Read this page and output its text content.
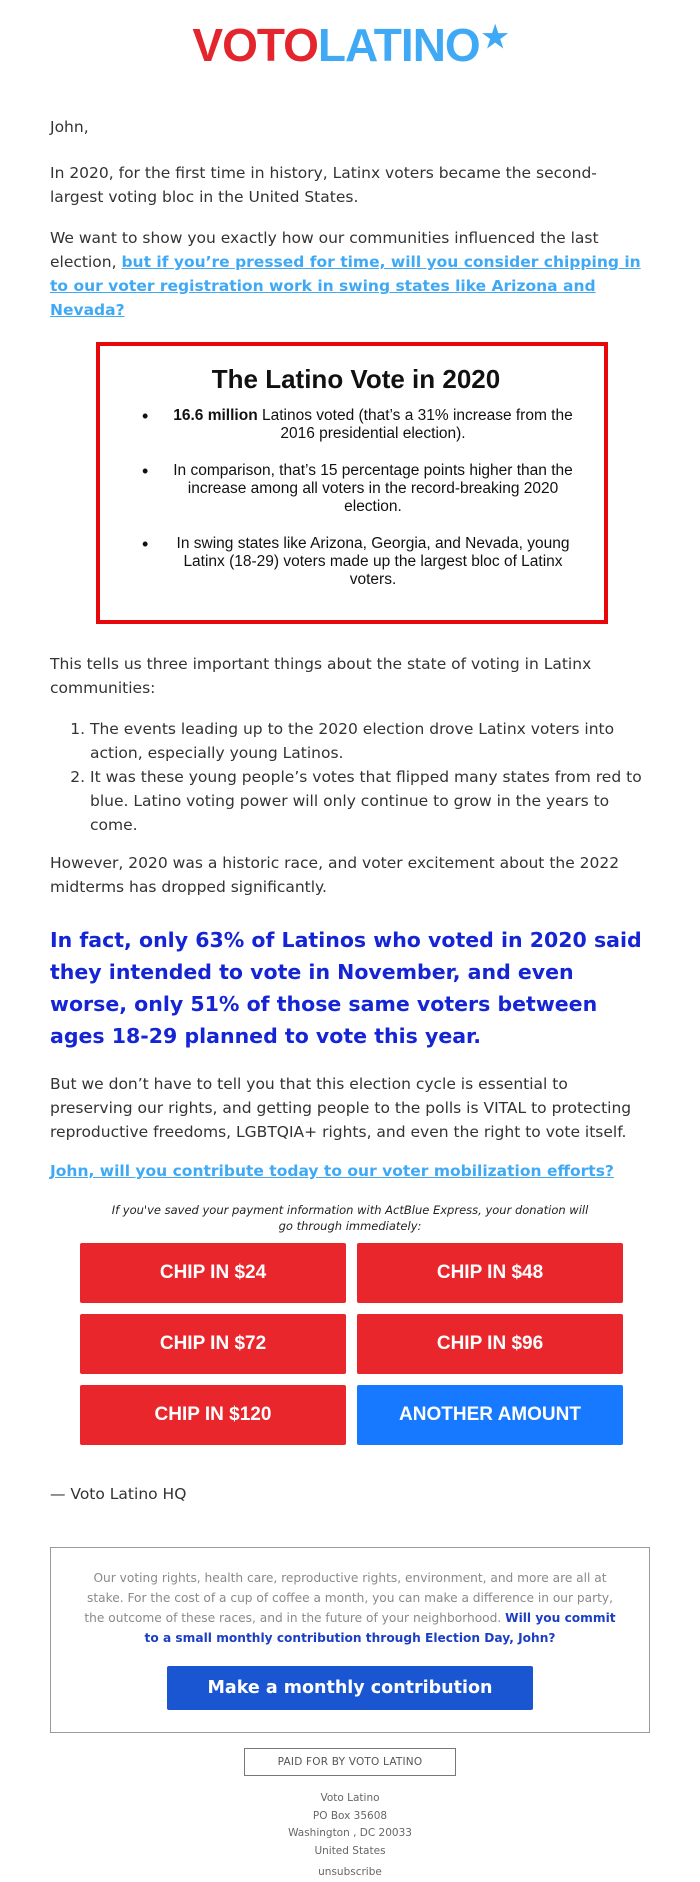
VOTO LATINO ★

John,

In 2020, for the first time in history, Latinx voters became the second-largest voting bloc in the United States.

We want to show you exactly how our communities influenced the last election, but if you’re pressed for time, will you consider chipping in to our voter registration work in swing states like Arizona and Nevada?

The Latino Vote in 2020
• 16.6 million Latinos voted (that’s a 31% increase from the 2016 presidential election).
• In comparison, that’s 15 percentage points higher than the increase among all voters in the record-breaking 2020 election.
• In swing states like Arizona, Georgia, and Nevada, young Latinx (18-29) voters made up the largest bloc of Latinx voters.

This tells us three important things about the state of voting in Latinx communities:

1. The events leading up to the 2020 election drove Latinx voters into action, especially young Latinos.
2. It was these young people’s votes that flipped many states from red to blue. Latino voting power will only continue to grow in the years to come.

However, 2020 was a historic race, and voter excitement about the 2022 midterms has dropped significantly.

In fact, only 63% of Latinos who voted in 2020 said they intended to vote in November, and even worse, only 51% of those same voters between ages 18-29 planned to vote this year.

But we don’t have to tell you that this election cycle is essential to preserving our rights, and getting people to the polls is VITAL to protecting reproductive freedoms, LGBTQIA+ rights, and even the right to vote itself.

John, will you contribute today to our voter mobilization efforts?

If you've saved your payment information with ActBlue Express, your donation will go through immediately:

CHIP IN $24	CHIP IN $48
CHIP IN $72	CHIP IN $96
CHIP IN $120	ANOTHER AMOUNT

— Voto Latino HQ

Our voting rights, health care, reproductive rights, environment, and more are all at stake. For the cost of a cup of coffee a month, you can make a difference in our party, the outcome of these races, and in the future of your neighborhood. Will you commit to a small monthly contribution through Election Day, John?

Make a monthly contribution
PAID FOR BY VOTO LATINO
Voto Latino
PO Box 35608
Washington , DC 20033
United States
unsubscribe
